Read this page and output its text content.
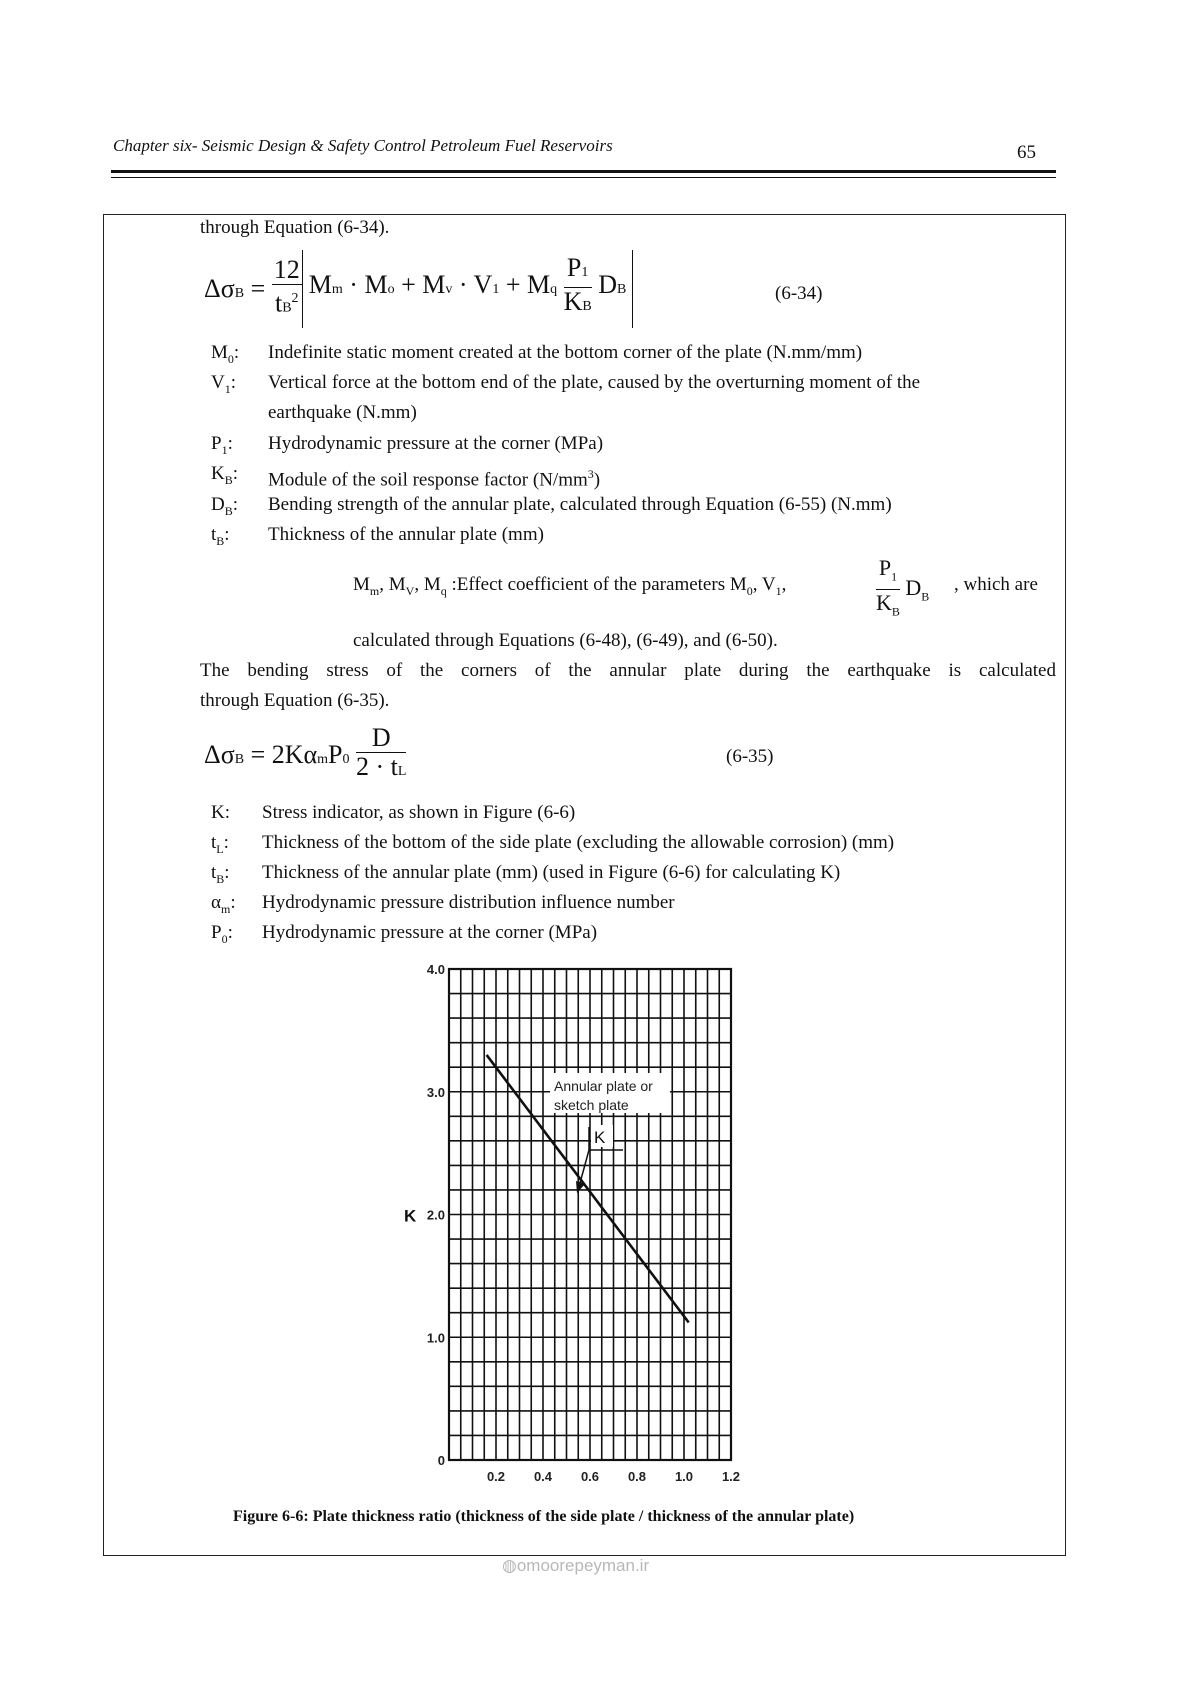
Chapter six- Seismic Design & Safety Control Petroleum Fuel Reservoirs	65
through Equation (6-34).
$\Delta\sigma B = \frac{12}{tB^2}$ Mm · Mo + Mv · V1 + Mq $\frac{P1}{KB}$ DB	(6-34)
$M_0$: Indefinite static moment created at the bottom corner of the plate (N.mm/mm)
$V_1$: Vertical force at the bottom end of the plate, caused by the overturning moment of the
earthquake (N.mm)
$P_1$: Hydrodynamic pressure at the corner (MPa)
$K_B$: Module of the soil response factor $(N/mm^3)$
$D_B$: Bending strength of the annular plate, calculated through Equation (6-55) (N.mm)
$t_B$: Thickness of the annular plate (mm)
$M_m$, $M_V$, $M_q$ :Effect coefficient of the parameters $M_0$, $V_1$,	$\frac{P_1}{K_B} D_B$
, which are
calculated through Equations (6-48), (6-49), and (6-50).
The bending stress of the corners of the annular plate during the earthquake is calculated
through Equation (6-35).
$\Delta\sigma B = 2K\alpha mP0 \frac{D}{2 \cdot tL}$	(6-35)
K: Stress indicator, as shown in Figure (6-6)
$t_L$: Thickness of the bottom of the side plate (excluding the allowable corrosion) (mm)
$t_B$: Thickness of the annular plate (mm) (used in Figure (6-6) for calculating K)
$\alpha_m$: Hydrodynamic pressure distribution influence number
$P_0$: Hydrodynamic pressure at the corner (MPa)
Annular plate or
sketch plate
K
0
1.0
2.0
3.0
4.0
0.2 0.4 0.6 0.8 1.0 1.2
K
Figure 6-6: Plate thickness ratio (thickness of the side plate / thickness of the annular plate)
◍omoorepeyman.ir
